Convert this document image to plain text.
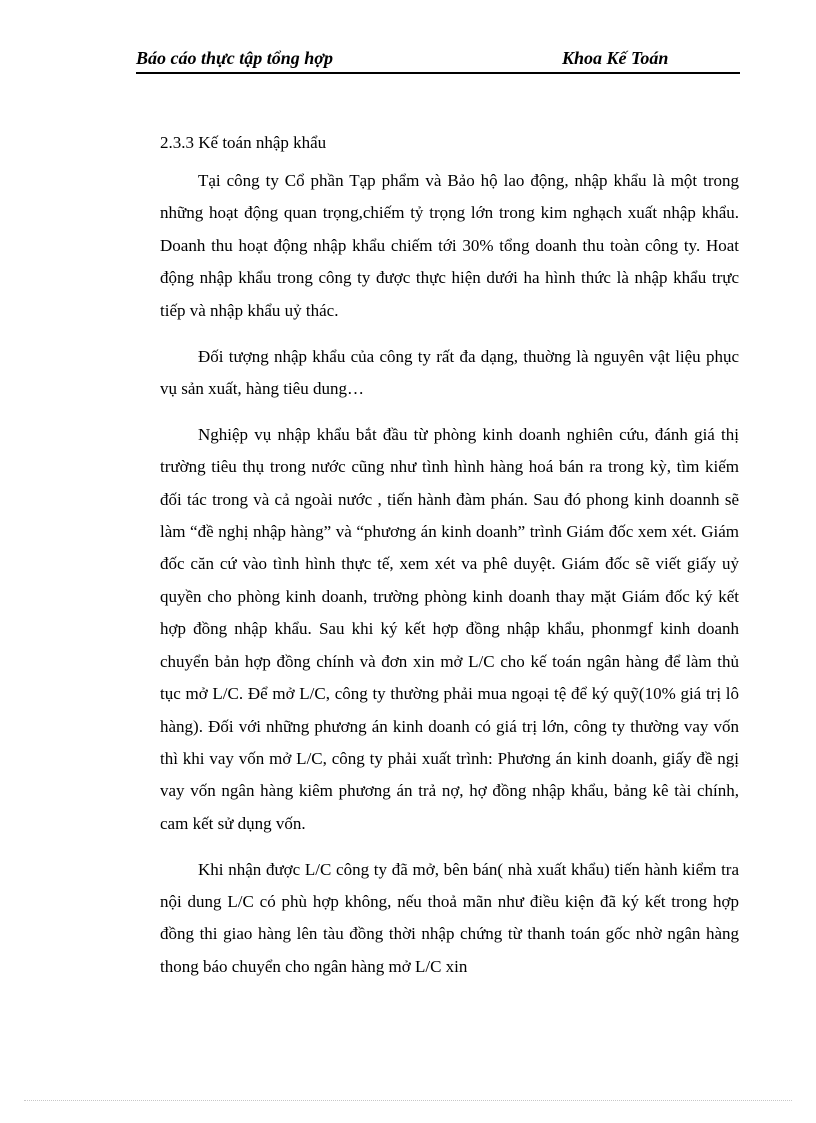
Báo cáo thực tập tổng hợp	Khoa Kế Toán
2.3.3 Kế toán nhập khẩu

Tại công ty Cổ phần Tạp phẩm và Bảo hộ lao động, nhập khẩu là một trong những hoạt động quan trọng,chiếm tỷ trọng lớn trong kim nghạch xuất nhập khẩu. Doanh thu hoạt động nhập khẩu chiếm tới 30% tổng doanh thu toàn công ty. Hoat động nhập khẩu trong công ty được thực hiện dưới ha hình thức là nhập khẩu trực tiếp và nhập khẩu uỷ thác.

Đối tượng nhập khẩu của công ty rất đa dạng, thuờng là nguyên vật liệu phục vụ sản xuất, hàng tiêu dung…

Nghiệp vụ nhập khẩu bắt đầu từ phòng kinh doanh nghiên cứu, đánh giá thị trường tiêu thụ trong nước cũng như tình hình hàng hoá bán ra trong kỳ, tìm kiếm đối tác trong và cả ngoài nước , tiến hành đàm phán. Sau đó phong kinh doannh sẽ làm “đề nghị nhập hàng” và “phương án kinh doanh” trình Giám đốc xem xét. Giám đốc căn cứ vào tình hình thực tế, xem xét va phê duyệt. Giám đốc sẽ viết giấy uỷ quyền cho phòng kinh doanh, trường phòng kinh doanh thay mặt Giám đốc ký kết hợp đồng nhập khẩu. Sau khi ký kết hợp đồng nhập khẩu, phonmgf kinh doanh chuyển bản hợp đồng chính và đơn xin mở L/C cho kế toán ngân hàng để làm thủ tục mở L/C. Để mở L/C, công ty thường phải mua ngoại tệ để ký quỹ(10% giá trị lô hàng). Đối với những phương án kinh doanh có giá trị lớn, công ty thường vay vốn thì khi vay vốn mở L/C, công ty phải xuất trình: Phương án kinh doanh, giấy đề ngị vay vốn ngân hàng kiêm phương án trả nợ, hợ đồng nhập khẩu, bảng kê tài chính, cam kết sử dụng vốn.

Khi nhận được L/C công ty đã mở, bên bán( nhà xuất khẩu) tiến hành kiểm tra nội dung L/C có phù hợp không, nếu thoả mãn như điều kiện đã ký kết trong hợp đồng thi giao hàng lên tàu đồng thời nhập chứng từ thanh toán gốc nhờ ngân hàng thong báo chuyển cho ngân hàng mở L/C xin
